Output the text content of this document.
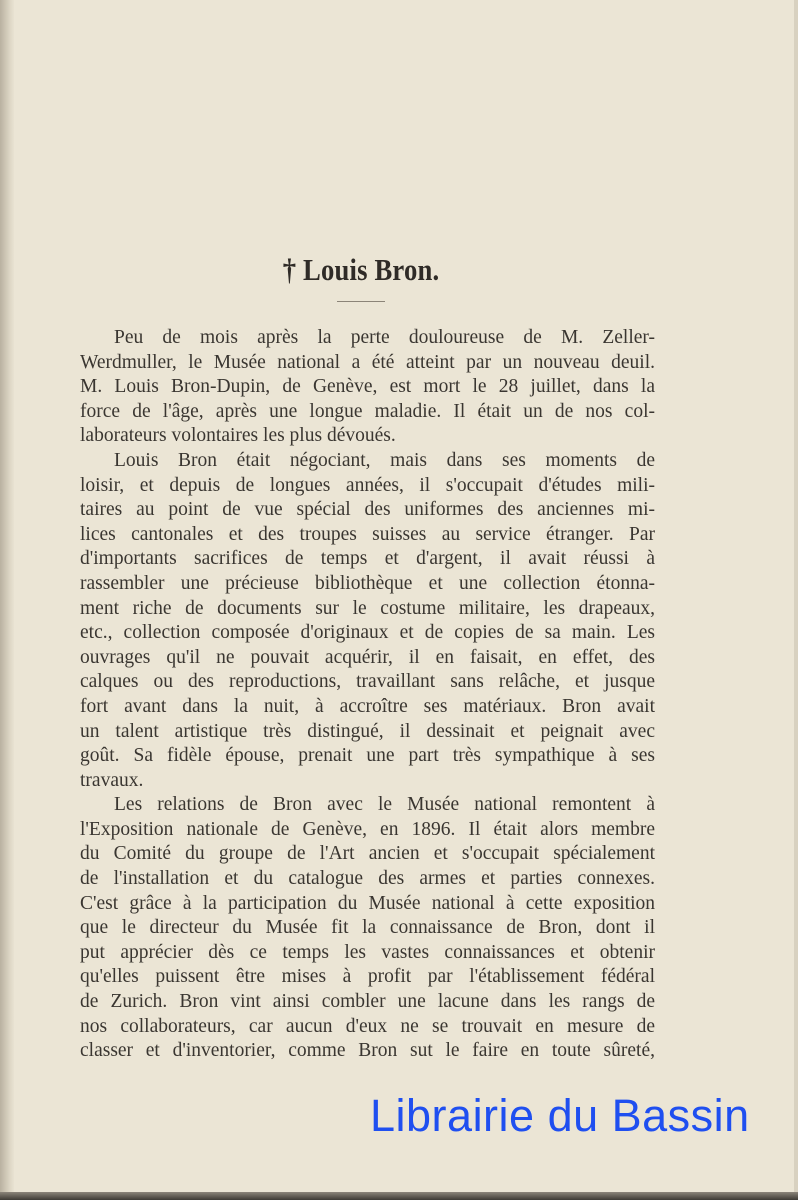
† Louis Bron.
Peu de mois après la perte douloureuse de M. Zeller-
Werdmuller, le Musée national a été atteint par un nouveau deuil.
M. Louis Bron-Dupin, de Genève, est mort le 28 juillet, dans la
force de l'âge, après une longue maladie. Il était un de nos col-
laborateurs volontaires les plus dévoués.
Louis Bron était négociant, mais dans ses moments de
loisir, et depuis de longues années, il s'occupait d'études mili-
taires au point de vue spécial des uniformes des anciennes mi-
lices cantonales et des troupes suisses au service étranger. Par
d'importants sacrifices de temps et d'argent, il avait réussi à
rassembler une précieuse bibliothèque et une collection étonna-
ment riche de documents sur le costume militaire, les drapeaux,
etc., collection composée d'originaux et de copies de sa main. Les
ouvrages qu'il ne pouvait acquérir, il en faisait, en effet, des
calques ou des reproductions, travaillant sans relâche, et jusque
fort avant dans la nuit, à accroître ses matériaux. Bron avait
un talent artistique très distingué, il dessinait et peignait avec
goût. Sa fidèle épouse, prenait une part très sympathique à ses
travaux.
Les relations de Bron avec le Musée national remontent à
l'Exposition nationale de Genève, en 1896. Il était alors membre
du Comité du groupe de l'Art ancien et s'occupait spécialement
de l'installation et du catalogue des armes et parties connexes.
C'est grâce à la participation du Musée national à cette exposition
que le directeur du Musée fit la connaissance de Bron, dont il
put apprécier dès ce temps les vastes connaissances et obtenir
qu'elles puissent être mises à profit par l'établissement fédéral
de Zurich. Bron vint ainsi combler une lacune dans les rangs de
nos collaborateurs, car aucun d'eux ne se trouvait en mesure de
classer et d'inventorier, comme Bron sut le faire en toute sûreté,
Librairie du Bassin
